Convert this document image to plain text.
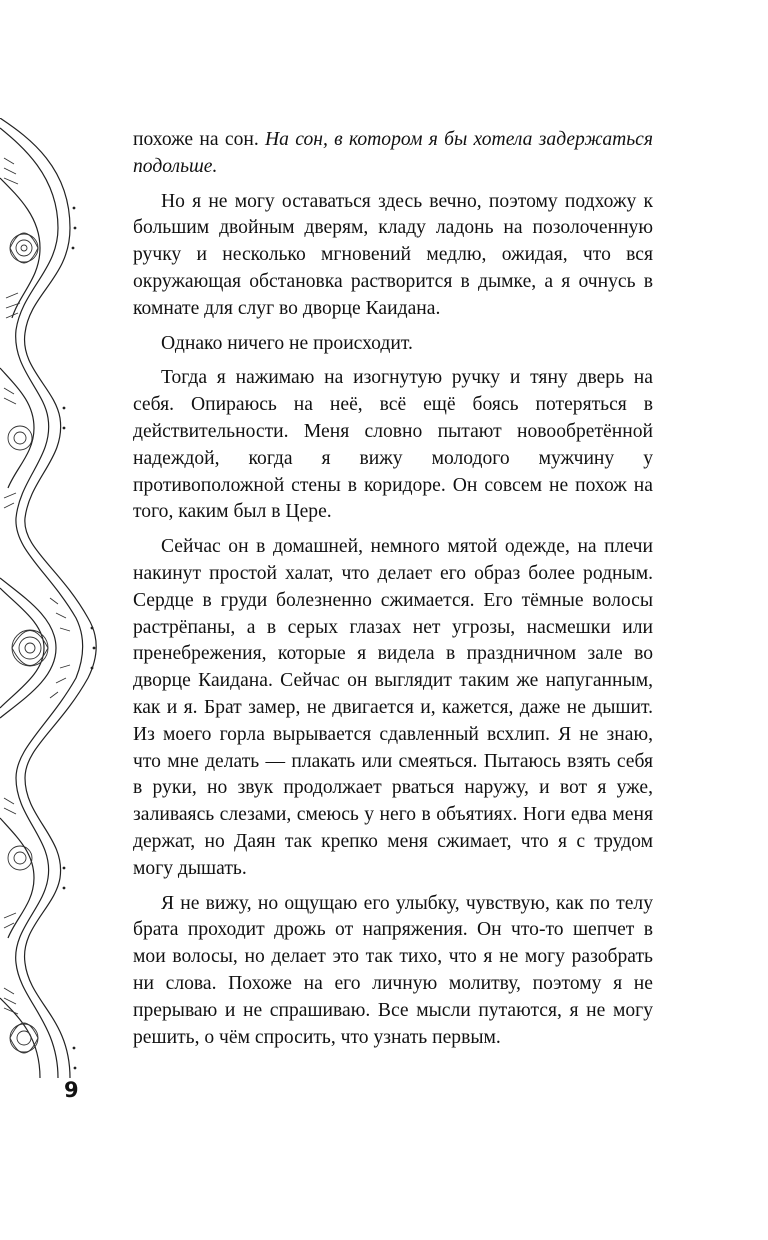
похоже на сон. На сон, в котором я бы хотела задержаться подольше.

Но я не могу оставаться здесь вечно, поэтому подхожу к большим двойным дверям, кладу ладонь на позолоченную ручку и несколько мгновений медлю, ожидая, что вся окружающая обстановка растворится в дымке, а я очнусь в комнате для слуг во дворце Каидана.

Однако ничего не происходит.

Тогда я нажимаю на изогнутую ручку и тяну дверь на себя. Опираюсь на неё, всё ещё боясь потеряться в действительности. Меня словно пытают новообретённой надеждой, когда я вижу молодого мужчину у противоположной стены в коридоре. Он совсем не похож на того, каким был в Цере.

Сейчас он в домашней, немного мятой одежде, на плечи накинут простой халат, что делает его образ более родным. Сердце в груди болезненно сжимается. Его тёмные волосы растрёпаны, а в серых глазах нет угрозы, насмешки или пренебрежения, которые я видела в праздничном зале во дворце Каидана. Сейчас он выглядит таким же напуганным, как и я. Брат замер, не двигается и, кажется, даже не дышит. Из моего горла вырывается сдавленный всхлип. Я не знаю, что мне делать — плакать или смеяться. Пытаюсь взять себя в руки, но звук продолжает рваться наружу, и вот я уже, заливаясь слезами, смеюсь у него в объятиях. Ноги едва меня держат, но Даян так крепко меня сжимает, что я с трудом могу дышать.

Я не вижу, но ощущаю его улыбку, чувствую, как по телу брата проходит дрожь от напряжения. Он что-то шепчет в мои волосы, но делает это так тихо, что я не могу разобрать ни слова. Похоже на его личную молитву, поэтому я не прерываю и не спрашиваю. Все мысли путаются, я не могу решить, о чём спросить, что узнать первым.

9
